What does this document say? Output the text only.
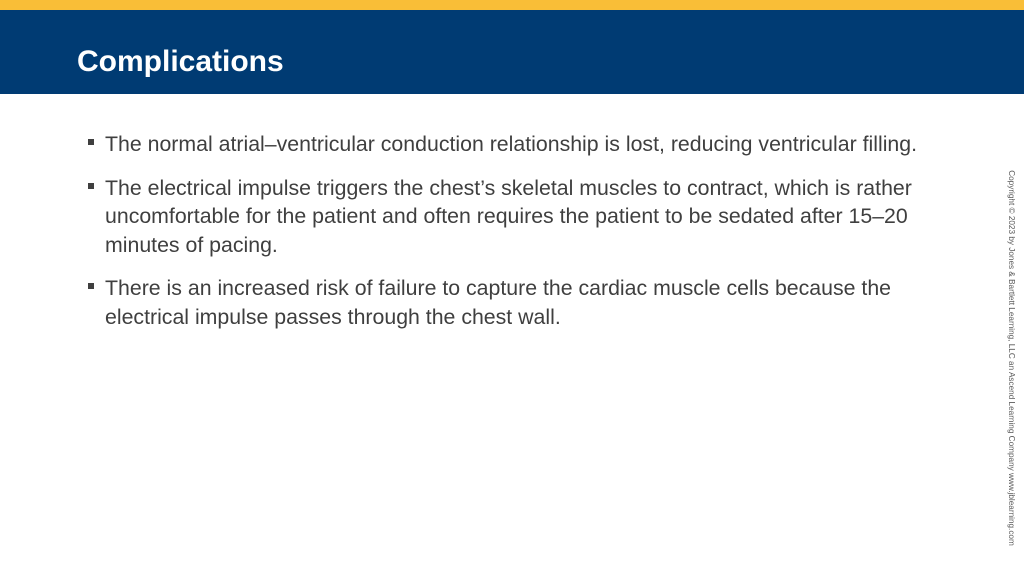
Complications
The normal atrial–ventricular conduction relationship is lost, reducing ventricular filling.
The electrical impulse triggers the chest’s skeletal muscles to contract, which is rather uncomfortable for the patient and often requires the patient to be sedated after 15–20 minutes of pacing.
There is an increased risk of failure to capture the cardiac muscle cells because the electrical impulse passes through the chest wall.	Copyright © 2023 by Jones & Bartlett Learning, LLC an Ascend Learning Company www.jblearning.com
